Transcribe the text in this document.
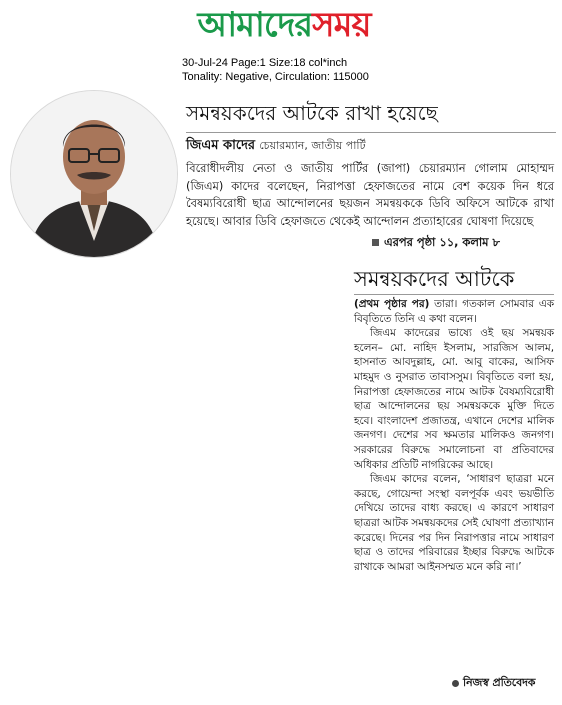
আমাদের সময়
30-Jul-24 Page:1 Size:18 col*inch
Tonality: Negative, Circulation: 115000
সমন্বয়কদের আটকে রাখা হয়েছে
জিএম কাদের চেয়ারম্যান, জাতীয় পার্টি
বিরোধীদলীয় নেতা ও জাতীয় পার্টির (জাপা) চেয়ারম্যান গোলাম মোহাম্মদ (জিএম) কাদের বলেছেন, নিরাপত্তা হেফাজতের নামে বেশ কয়েক দিন ধরে বৈষম্যবিরোধী ছাত্র আন্দোলনের ছয়জন সমন্বয়ককে ডিবি অফিসে আটকে রাখা হয়েছে। আবার ডিবি হেফাজতে থেকেই আন্দোলন প্রত্যাহারের ঘোষণা দিয়েছে
এরপর পৃষ্ঠা ১১, কলাম ৮
সমন্বয়কদের আটকে

(প্রথম পৃষ্ঠার পর) তারা। গতকাল সোমবার এক বিবৃতিতে তিনি এ কথা বলেন।

জিএম কাদেরের ভাষ্যে ওই ছয় সমন্বয়ক হলেন– মো. নাহিদ ইসলাম, সারজিস আলম, হাসনাত আবদুল্লাহ, মো. আবু বাকের, আসিফ মাহমুদ ও নুসরাত তাবাসসুম। বিবৃতিতে বলা হয়, নিরাপত্তা হেফাজতের নামে আটক বৈষম্যবিরোধী ছাত্র আন্দোলনের ছয় সমন্বয়ককে মুক্তি দিতে হবে। বাংলাদেশ প্রজাতন্ত্র, এখানে দেশের মালিক জনগণ। দেশের সব ক্ষমতার মালিকও জনগণ। সরকারের বিরুদ্ধে সমালোচনা বা প্রতিবাদের অধিকার প্রতিটি নাগরিকের আছে।

জিএম কাদের বলেন, ‘সাধারণ ছাত্ররা মনে করছে, গোয়েন্দা সংস্থা বলপূর্বক এবং ভয়ভীতি দেখিয়ে তাদের বাধ্য করছে। এ কারণে সাধারণ ছাত্ররা আটক সমন্বয়কদের সেই ঘোষণা প্রত্যাখ্যান করেছে। দিনের পর দিন নিরাপত্তার নামে সাধারণ ছাত্র ও তাদের পরিবারের ইচ্ছার বিরুদ্ধে আটকে রাখাকে আমরা আইনসম্মত মনে করি না।’

নিজস্ব প্রতিবেদক
